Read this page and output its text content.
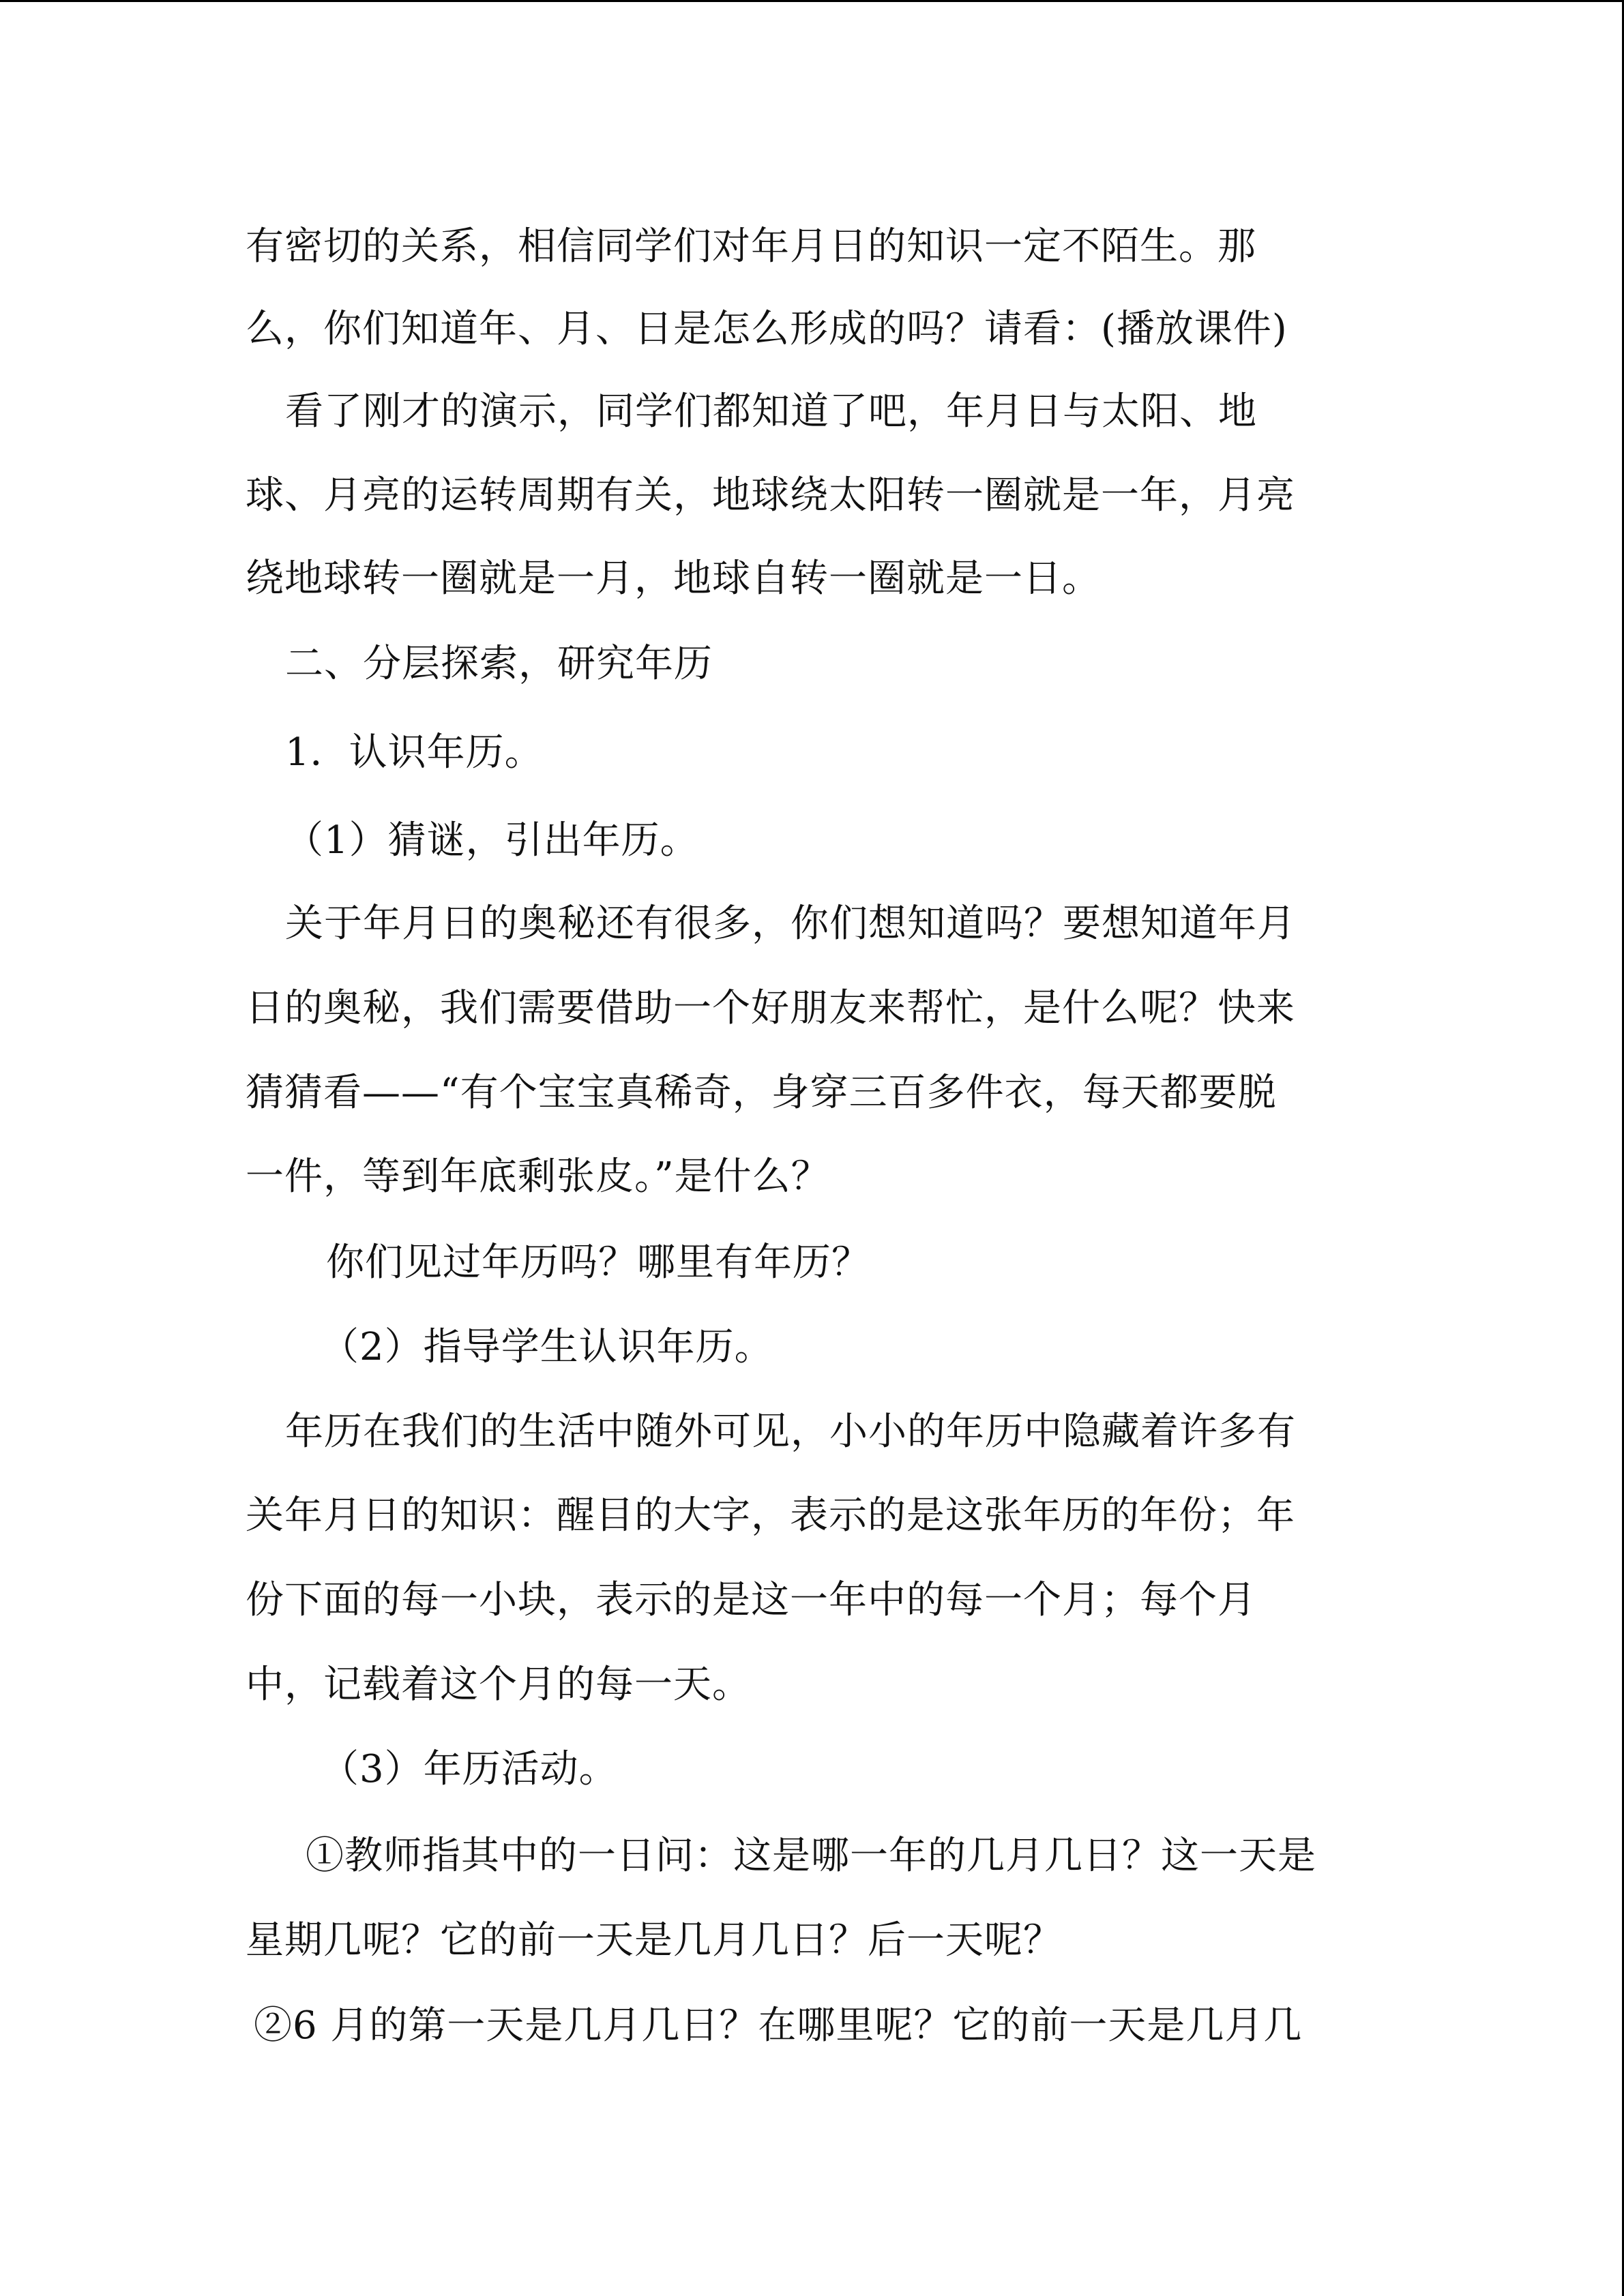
有密切的关系，相信同学们对年月日的知识一定不陌生。那
么，你们知道年、月、日是怎么形成的吗？请看：(播放课件)
看了刚才的演示，同学们都知道了吧，年月日与太阳、地
球、月亮的运转周期有关，地球绕太阳转一圈就是一年，月亮
绕地球转一圈就是一月，地球自转一圈就是一日。
二、分层探索，研究年历
1．认识年历。
（1）猜谜，引出年历。
关于年月日的奥秘还有很多，你们想知道吗？要想知道年月
日的奥秘，我们需要借助一个好朋友来帮忙，是什么呢？快来
猜猜看——“有个宝宝真稀奇，身穿三百多件衣，每天都要脱
一件，等到年底剩张皮。”是什么？
你们见过年历吗？哪里有年历？
（2）指导学生认识年历。
年历在我们的生活中随外可见，小小的年历中隐藏着许多有
关年月日的知识：醒目的大字，表示的是这张年历的年份；年
份下面的每一小块，表示的是这一年中的每一个月；每个月
中，记载着这个月的每一天。
（3）年历活动。
①教师指其中的一日问：这是哪一年的几月几日？这一天是
星期几呢？它的前一天是几月几日？后一天呢？
②6 月的第一天是几月几日？在哪里呢？它的前一天是几月几
